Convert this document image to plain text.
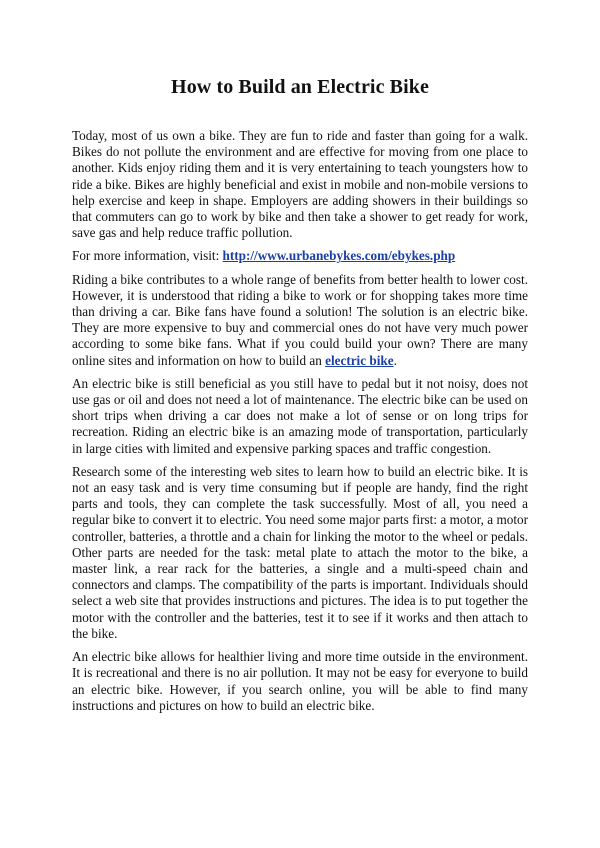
How to Build an Electric Bike

Today, most of us own a bike. They are fun to ride and faster than going for a walk. Bikes do not pollute the environment and are effective for moving from one place to another. Kids enjoy riding them and it is very entertaining to teach youngsters how to ride a bike. Bikes are highly beneficial and exist in mobile and non-mobile versions to help exercise and keep in shape. Employers are adding showers in their buildings so that commuters can go to work by bike and then take a shower to get ready for work, save gas and help reduce traffic pollution.

For more information, visit: http://www.urbanebykes.com/ebykes.php

Riding a bike contributes to a whole range of benefits from better health to lower cost. However, it is understood that riding a bike to work or for shopping takes more time than driving a car. Bike fans have found a solution! The solution is an electric bike. They are more expensive to buy and commercial ones do not have very much power according to some bike fans. What if you could build your own? There are many online sites and information on how to build an electric bike.

An electric bike is still beneficial as you still have to pedal but it not noisy, does not use gas or oil and does not need a lot of maintenance. The electric bike can be used on short trips when driving a car does not make a lot of sense or on long trips for recreation. Riding an electric bike is an amazing mode of transportation, particularly in large cities with limited and expensive parking spaces and traffic congestion.

Research some of the interesting web sites to learn how to build an electric bike. It is not an easy task and is very time consuming but if people are handy, find the right parts and tools, they can complete the task successfully. Most of all, you need a regular bike to convert it to electric. You need some major parts first: a motor, a motor controller, batteries, a throttle and a chain for linking the motor to the wheel or pedals. Other parts are needed for the task: metal plate to attach the motor to the bike, a master link, a rear rack for the batteries, a single and a multi-speed chain and connectors and clamps. The compatibility of the parts is important. Individuals should select a web site that provides instructions and pictures. The idea is to put together the motor with the controller and the batteries, test it to see if it works and then attach to the bike.

An electric bike allows for healthier living and more time outside in the environment. It is recreational and there is no air pollution. It may not be easy for everyone to build an electric bike. However, if you search online, you will be able to find many instructions and pictures on how to build an electric bike.
